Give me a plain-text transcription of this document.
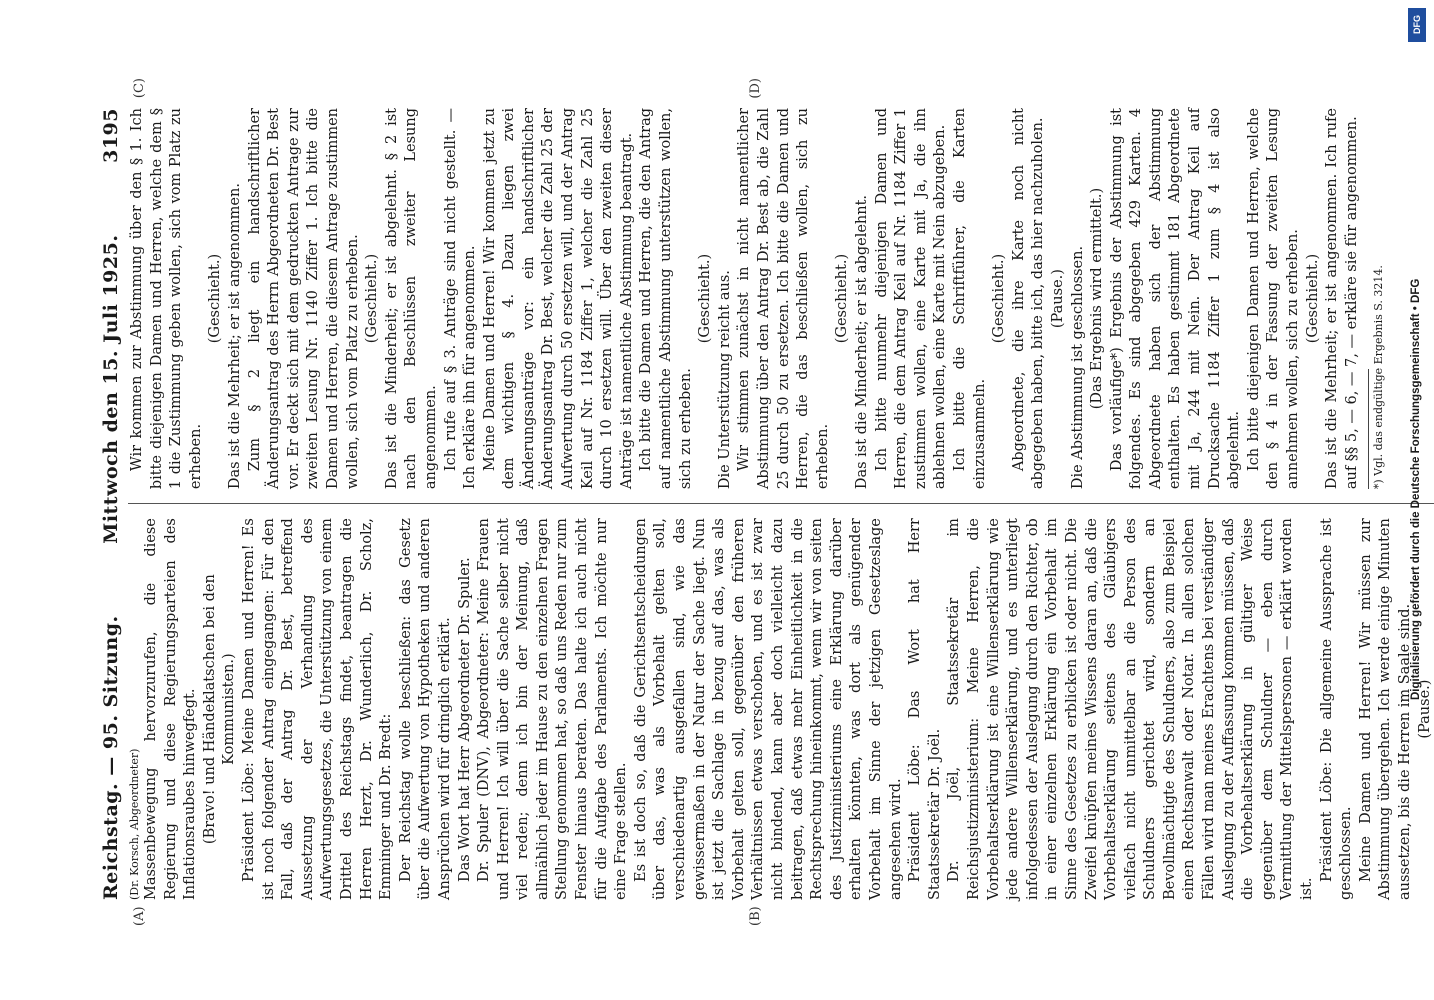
Reichstag. — 95. Sitzung.
Mittwoch den 15. Juli 1925.
3195
(A)	(B)
(C)	(D)

(Dr. Korsch, Abgeordneter) Massenbewegung hervorzurufen, die diese Regierung und diese Regierungsparteien des Inflationsraubes hinwegfegt. (Bravo! und Händeklatschen bei den Kommunisten.) Präsident Löbe: Meine Damen und Herren! Es ist noch folgender Antrag eingegangen: Für den Fall, daß der Antrag Dr. Best, betreffend Aussetzung der Verhandlung des Aufwertungsgesetzes, die Unterstützung von einem Drittel des Reichstags findet, beantragen die Herren Herzt, Dr. Wunderlich, Dr. Scholz, Emminger und Dr. Bredt: Der Reichstag wolle beschließen: das Gesetz über die Aufwertung von Hypotheken und anderen Ansprüchen wird für dringlich erklärt. Das Wort hat Herr Abgeordneter Dr. Spuler. Dr. Spuler (DNV), Abgeordneter: Meine Frauen und Herren! Ich will über die Sache selber nicht viel reden; denn ich bin der Meinung, daß allmählich jeder im Hause zu den einzelnen Fragen Stellung genommen hat, so daß uns Reden nur zum Fenster hinaus beraten. Das halte ich auch nicht für die Aufgabe des Parlaments. Ich möchte nur eine Frage stellen. Es ist doch so, daß die Gerichtsentscheidungen über das, was als Vorbehalt gelten soll, verschiedenartig ausgefallen sind, wie das gewissermaßen in der Natur der Sache liegt. Nun ist jetzt die Sachlage in bezug auf das, was als Vorbehalt gelten soll, gegenüber den früheren Verhältnissen etwas verschoben, und es ist zwar nicht bindend, kann aber doch vielleicht dazu beitragen, daß etwas mehr Einheitlichkeit in die Rechtsprechung hineinkommt, wenn wir von seiten des Justizministeriums eine Erklärung darüber erhalten könnten, was dort als genügender Vorbehalt im Sinne der jetzigen Gesetzeslage angesehen wird. Präsident Löbe: Das Wort hat Herr Staatssekretär Dr. Joël. Dr. Joël, Staatssekretär im Reichsjustizministerium: Meine Herren, die Vorbehaltserklärung ist eine Willenserklärung wie jede andere Willenserklärung, und es unterliegt infolgedessen der Auslegung durch den Richter, ob in einer einzelnen Erklärung ein Vorbehalt im Sinne des Gesetzes zu erblicken ist oder nicht. Die Zweifel knüpfen meines Wissens daran an, daß die Vorbehaltserklärung seitens des Gläubigers vielfach nicht unmittelbar an die Person des Schuldners gerichtet wird, sondern an Bevollmächtigte des Schuldners, also zum Beispiel einen Rechtsanwalt oder Notar. In allen solchen Fällen wird man meines Erachtens bei verständiger Auslegung zu der Auffassung kommen müssen, daß die Vorbehaltserklärung in gültiger Weise gegenüber dem Schuldner — eben durch Vermittlung der Mittelspersonen — erklärt worden ist.

Präsident Löbe: Die allgemeine Aussprache ist geschlossen. Meine Damen und Herren! Wir müssen zur Abstimmung übergehen. Ich werde einige Minuten aussetzen, bis die Herren im Saale sind. (Pause.)

Wir kommen zur Abstimmung über den § 1. Ich bitte diejenigen Damen und Herren, welche dem § 1 die Zustimmung geben wollen, sich vom Platz zu erheben.

(Geschieht.) Das ist die Mehrheit; er ist angenommen. Zum § 2 liegt ein handschriftlicher Änderungsantrag des Herrn Abgeordneten Dr. Best vor. Er deckt sich mit dem gedruckten Antrage zur zweiten Lesung Nr. 1140 Ziffer 1. Ich bitte die Damen und Herren, die diesem Antrage zustimmen wollen, sich vom Platz zu erheben. (Geschieht.) Das ist die Minderheit; er ist abgelehnt. § 2 ist nach den Beschlüssen zweiter Lesung angenommen. Ich rufe auf § 3. Anträge sind nicht gestellt. — Ich erkläre ihn für angenommen. Meine Damen und Herren! Wir kommen jetzt zu dem wichtigen § 4. Dazu liegen zwei Änderungsanträge vor: ein handschriftlicher Änderungsantrag Dr. Best, welcher die Zahl 25 der Aufwertung durch 50 ersetzen will, und der Antrag Keil auf Nr. 1184 Ziffer 1, welcher die Zahl 25 durch 10 ersetzen will. Über den zweiten dieser Anträge ist namentliche Abstimmung beantragt. Ich bitte die Damen und Herren, die den Antrag auf namentliche Abstimmung unterstützen wollen, sich zu erheben.

(Geschieht.) Die Unterstützung reicht aus. Wir stimmen zunächst in nicht namentlicher Abstimmung über den Antrag Dr. Best ab, die Zahl 25 durch 50 zu ersetzen. Ich bitte die Damen und Herren, die das beschließen wollen, sich zu erheben.

(Geschieht.) Das ist die Minderheit; er ist abgelehnt. Ich bitte nunmehr diejenigen Damen und Herren, die dem Antrag Keil auf Nr. 1184 Ziffer 1 zustimmen wollen, eine Karte mit Ja, die ihn ablehnen wollen, eine Karte mit Nein abzugeben. Ich bitte die Schriftführer, die Karten einzusammeln.

(Geschieht.) Abgeordnete, die ihre Karte noch nicht abgegeben haben, bitte ich, das hier nachzuholen. (Pause.) Die Abstimmung ist geschlossen. (Das Ergebnis wird ermittelt.) Das vorläufige*) Ergebnis der Abstimmung ist folgendes. Es sind abgegeben 429 Karten. 4 Abgeordnete haben sich der Abstimmung enthalten. Es haben gestimmt 181 Abgeordnete mit Ja, 244 mit Nein. Der Antrag Keil auf Drucksache 1184 Ziffer 1 zum § 4 ist also abgelehnt. Ich bitte diejenigen Damen und Herren, welche den § 4 in der Fassung der zweiten Lesung annehmen wollen, sich zu erheben. (Geschieht.) Das ist die Mehrheit; er ist angenommen. Ich rufe auf §§ 5, — 6, — 7, — erkläre sie für angenommen. *) Vgl. das endgültige Ergebnis S. 3214.

DFG
Digitalisierung gefördert durch die Deutsche Forschungsgemeinschaft • DFG
